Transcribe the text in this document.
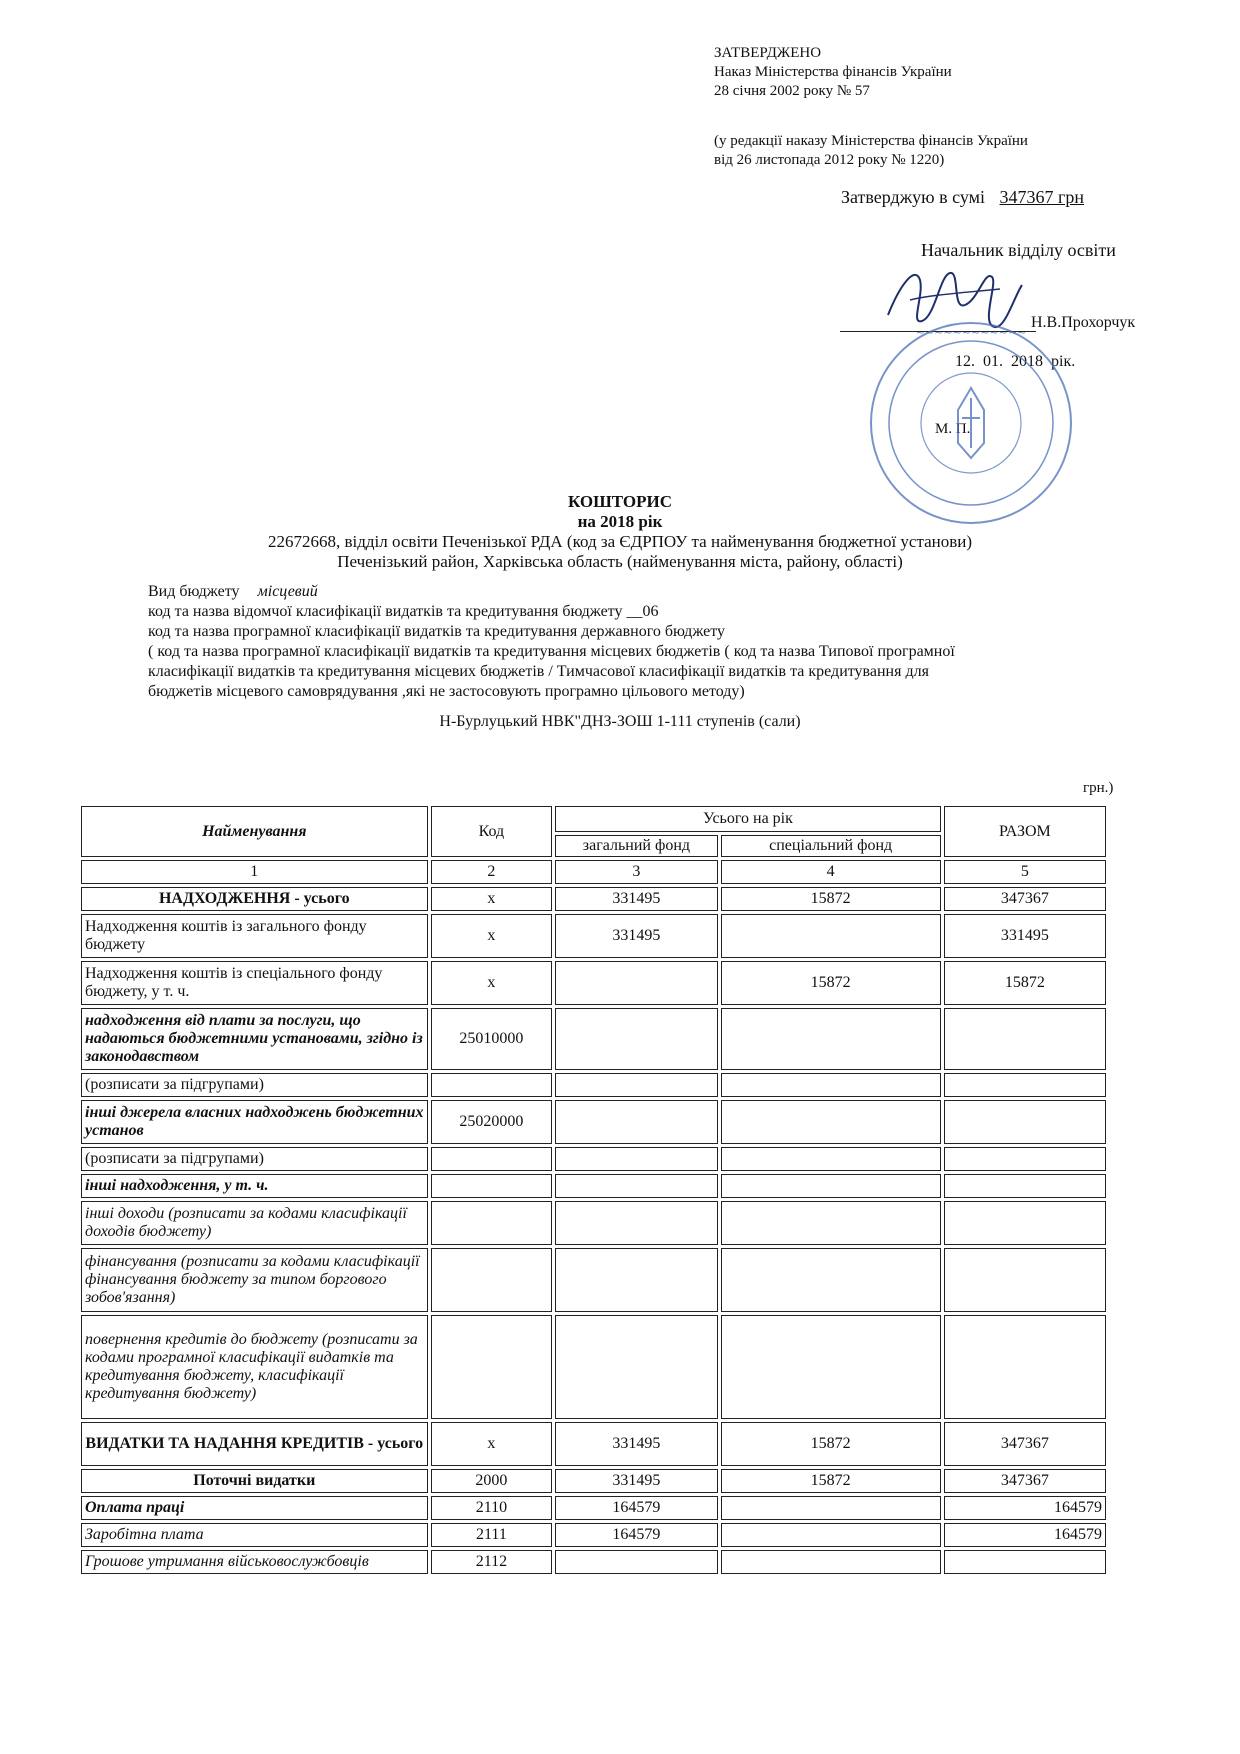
ЗАТВЕРДЖЕНО
Наказ Міністерства фінансів України
28 січня 2002 року № 57
(у редакції наказу Міністерства фінансів України
від 26 листопада 2012 року № 1220)
Затверджую в сумі 347367 грн
Начальник відділу освіти
Н.В.Прохорчук
12. 01. 2018 рік.
М. П.
~~~~~~~~~~~~
КОШТОРИС
на 2018 рік
22672668, відділ освіти Печенізької РДА (код за ЄДРПОУ та найменування бюджетної установи)
Печенізький район, Харківська область (найменування міста, району, області)
Вид бюджету місцевий
код та назва відомчої класифікації видатків та кредитування бюджету __06
код та назва програмної класифікації видатків та кредитування державного бюджету
( код та назва програмної класифікації видатків та кредитування місцевих бюджетів ( код та назва Типової програмної
класифікації видатків та кредитування місцевих бюджетів / Тимчасової класифікації видатків та кредитування для
бюджетів місцевого самоврядування ,які не застосовують програмно цільового методу)
Н-Бурлуцький НВК"ДНЗ-ЗОШ 1-111 ступенів (сали)
грн.)
Найменування	Код	Усього на рік		РАЗОМ
		загальний фонд	спеціальний фонд	
1	2	3	4	5
НАДХОДЖЕННЯ - усього	х	331495	15872	347367
Надходження коштів із загального фонду бюджету	х	331495		331495
Надходження коштів із спеціального фонду бюджету, у т. ч.	х		15872	15872
надходження від плати за послуги, що надаються бюджетними установами, згідно із законодавством	25010000			
(розписати за підгрупами)				
інші джерела власних надходжень бюджетних установ	25020000			
(розписати за підгрупами)				
інші надходження, у т. ч.				
інші доходи (розписати за кодами класифікації доходів бюджету)				
фінансування (розписати за кодами класифікації фінансування бюджету за типом боргового зобов'язання)				
повернення кредитів до бюджету (розписати за кодами програмної класифікації видатків та кредитування бюджету, класифікації кредитування бюджету)				
ВИДАТКИ ТА НАДАННЯ КРЕДИТІВ - усього	х	331495	15872	347367
Поточні видатки	2000	331495	15872	347367
Оплата праці	2110	164579		164579
Заробітна плата	2111	164579		164579
Грошове утримання військовослужбовців	2112			
